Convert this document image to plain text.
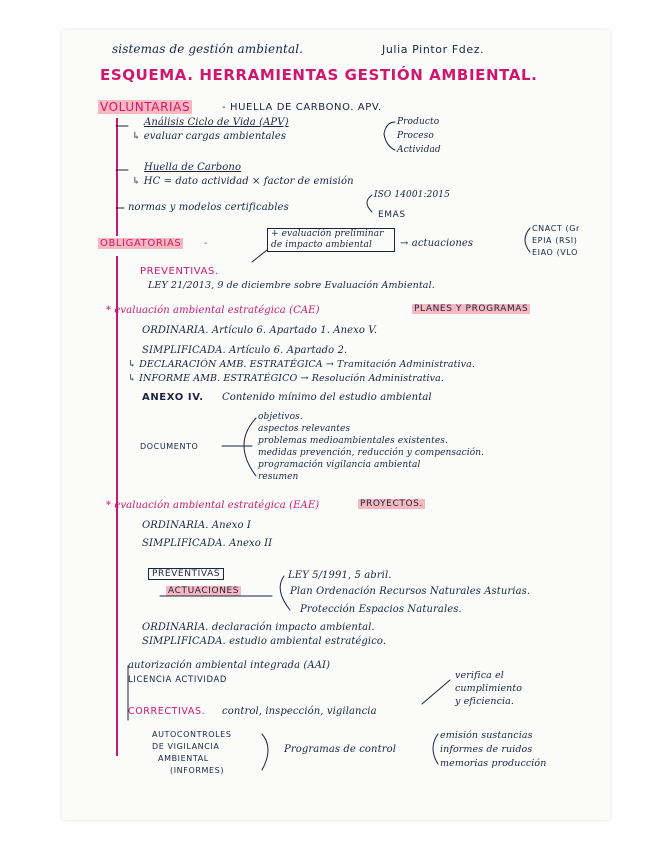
sistemas de gestión ambiental.	Julia Pintor Fdez.
ESQUEMA. HERRAMIENTAS GESTIÓN AMBIENTAL.
VOLUNTARIAS	- HUELLA DE CARBONO. APV.
Análisis Ciclo de Vida (APV)
↳ evaluar cargas ambientales
Producto
Proceso
Actividad
Huella de Carbono
↳ HC = dato actividad × factor de emisión
normas y modelos certificables
ISO 14001:2015
EMAS
OBLIGATORIAS -
+ evaluación preliminar de impacto ambiental	→ actuaciones
CNACT (Gr
EPIA (RSI)
EIAO (VLO
PREVENTIVAS.
LEY 21/2013, 9 de diciembre sobre Evaluación Ambiental.
* evaluación ambiental estratégica (CAE)	PLANES Y PROGRAMAS
ORDINARIA. Artículo 6. Apartado 1. Anexo V.
SIMPLIFICADA. Artículo 6. Apartado 2.
↳ DECLARACIÓN AMB. ESTRATÉGICA → Tramitación Administrativa.
↳ INFORME AMB. ESTRATÉGICO → Resolución Administrativa.
ANEXO IV. Contenido mínimo del estudio ambiental
DOCUMENTO
objetivos.
aspectos relevantes
problemas medioambientales existentes.
medidas prevención, reducción y compensación.
programación vigilancia ambiental
resumen
* evaluación ambiental estratégica (EAE)	PROYECTOS.
ORDINARIA. Anexo I
SIMPLIFICADA. Anexo II
PREVENTIVAS
ACTUACIONES
LEY 5/1991, 5 abril.
Plan Ordenación Recursos Naturales Asturias.
Protección Espacios Naturales.
ORDINARIA. declaración impacto ambiental.
SIMPLIFICADA. estudio ambiental estratégico.
autorización ambiental integrada (AAI)
LICENCIA ACTIVIDAD
CORRECTIVAS. control, inspección, vigilancia
verifica el
cumplimiento
y eficiencia.
AUTOCONTROLES
DE VIGILANCIA
AMBIENTAL
(INFORMES)
Programas de control
emisión sustancias
informes de ruidos
memorias producción
